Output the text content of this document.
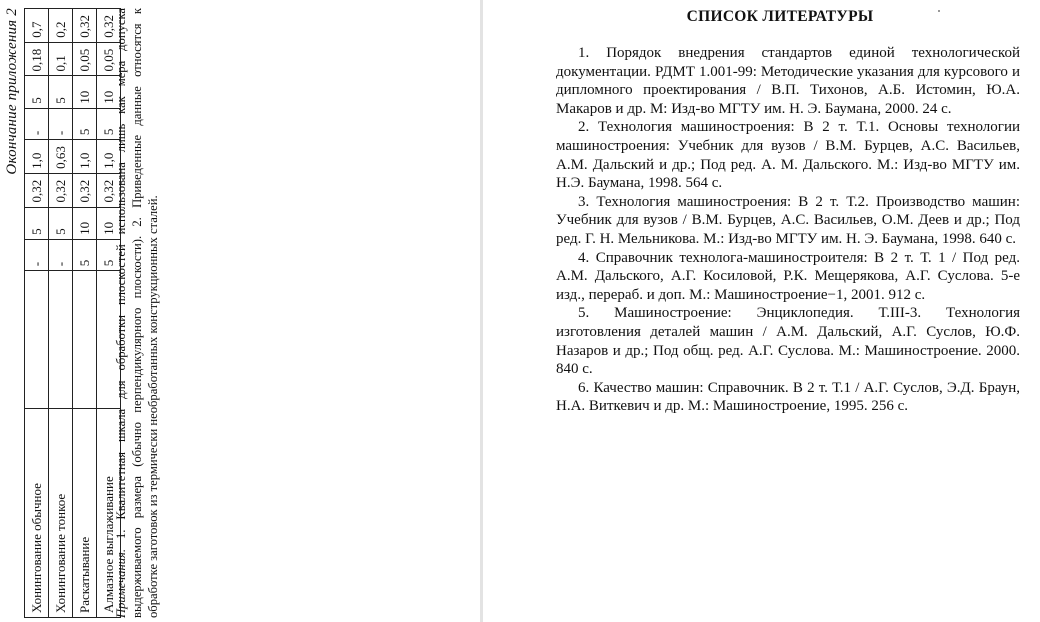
Окончание приложения 2
Хонингование обычное		-	5	0,32	1,0	-	5	0,18	0,7
Хонингование тонкое		-	5	0,32	0,63	-	5	0,1	0,2
Раскатывание		5	10	0,32	1,0	5	10	0,05	0,32
Алмазное выглаживание		5	10	0,32	1,0	5	10	0,05	0,32
Примечания. 1. Квалитетная шкала для обработки плоскостей использована лишь как мера допуска выдерживаемого размера (обычно перпендикулярного плоскости). 2. Приведенные данные относятся к обработке заготовок из термически необработанных конструкционных сталей.
СПИСОК ЛИТЕРАТУРЫ

1. Порядок внедрения стандартов единой технологической документации. РДМТ 1.001-99: Методические указания для курсового и дипломного проектирования / В.П. Тихонов, А.Б. Истомин, Ю.А. Макаров и др. М: Изд-во МГТУ им. Н. Э. Баумана, 2000. 24 с.

2. Технология машиностроения: В 2 т. Т.1. Основы технологии машиностроения: Учебник для вузов / В.М. Бурцев, А.С. Васильев, А.М. Дальский и др.; Под ред. А. М. Дальского. М.: Изд-во МГТУ им. Н.Э. Баумана, 1998. 564 с.

3. Технология машиностроения: В 2 т. Т.2. Производство машин: Учебник для вузов / В.М. Бурцев, А.С. Васильев, О.М. Деев и др.; Под ред. Г. Н. Мельникова. М.: Изд-во МГТУ им. Н. Э. Баумана, 1998. 640 с.

4. Справочник технолога-машиностроителя: В 2 т. Т. 1 / Под ред. А.М. Дальского, А.Г. Косиловой, Р.К. Мещерякова, А.Г. Суслова. 5-е изд., перераб. и доп. М.: Машиностроение−1, 2001. 912 с.

5. Машиностроение: Энциклопедия. Т.III-3. Технология изготовления деталей машин / А.М. Дальский, А.Г. Суслов, Ю.Ф. Назаров и др.; Под общ. ред. А.Г. Суслова. М.: Машиностроение. 2000. 840 с.

6. Качество машин: Справочник. В 2 т. Т.1 / А.Г. Суслов, Э.Д. Браун, Н.А. Виткевич и др. М.: Машиностроение, 1995. 256 с.
